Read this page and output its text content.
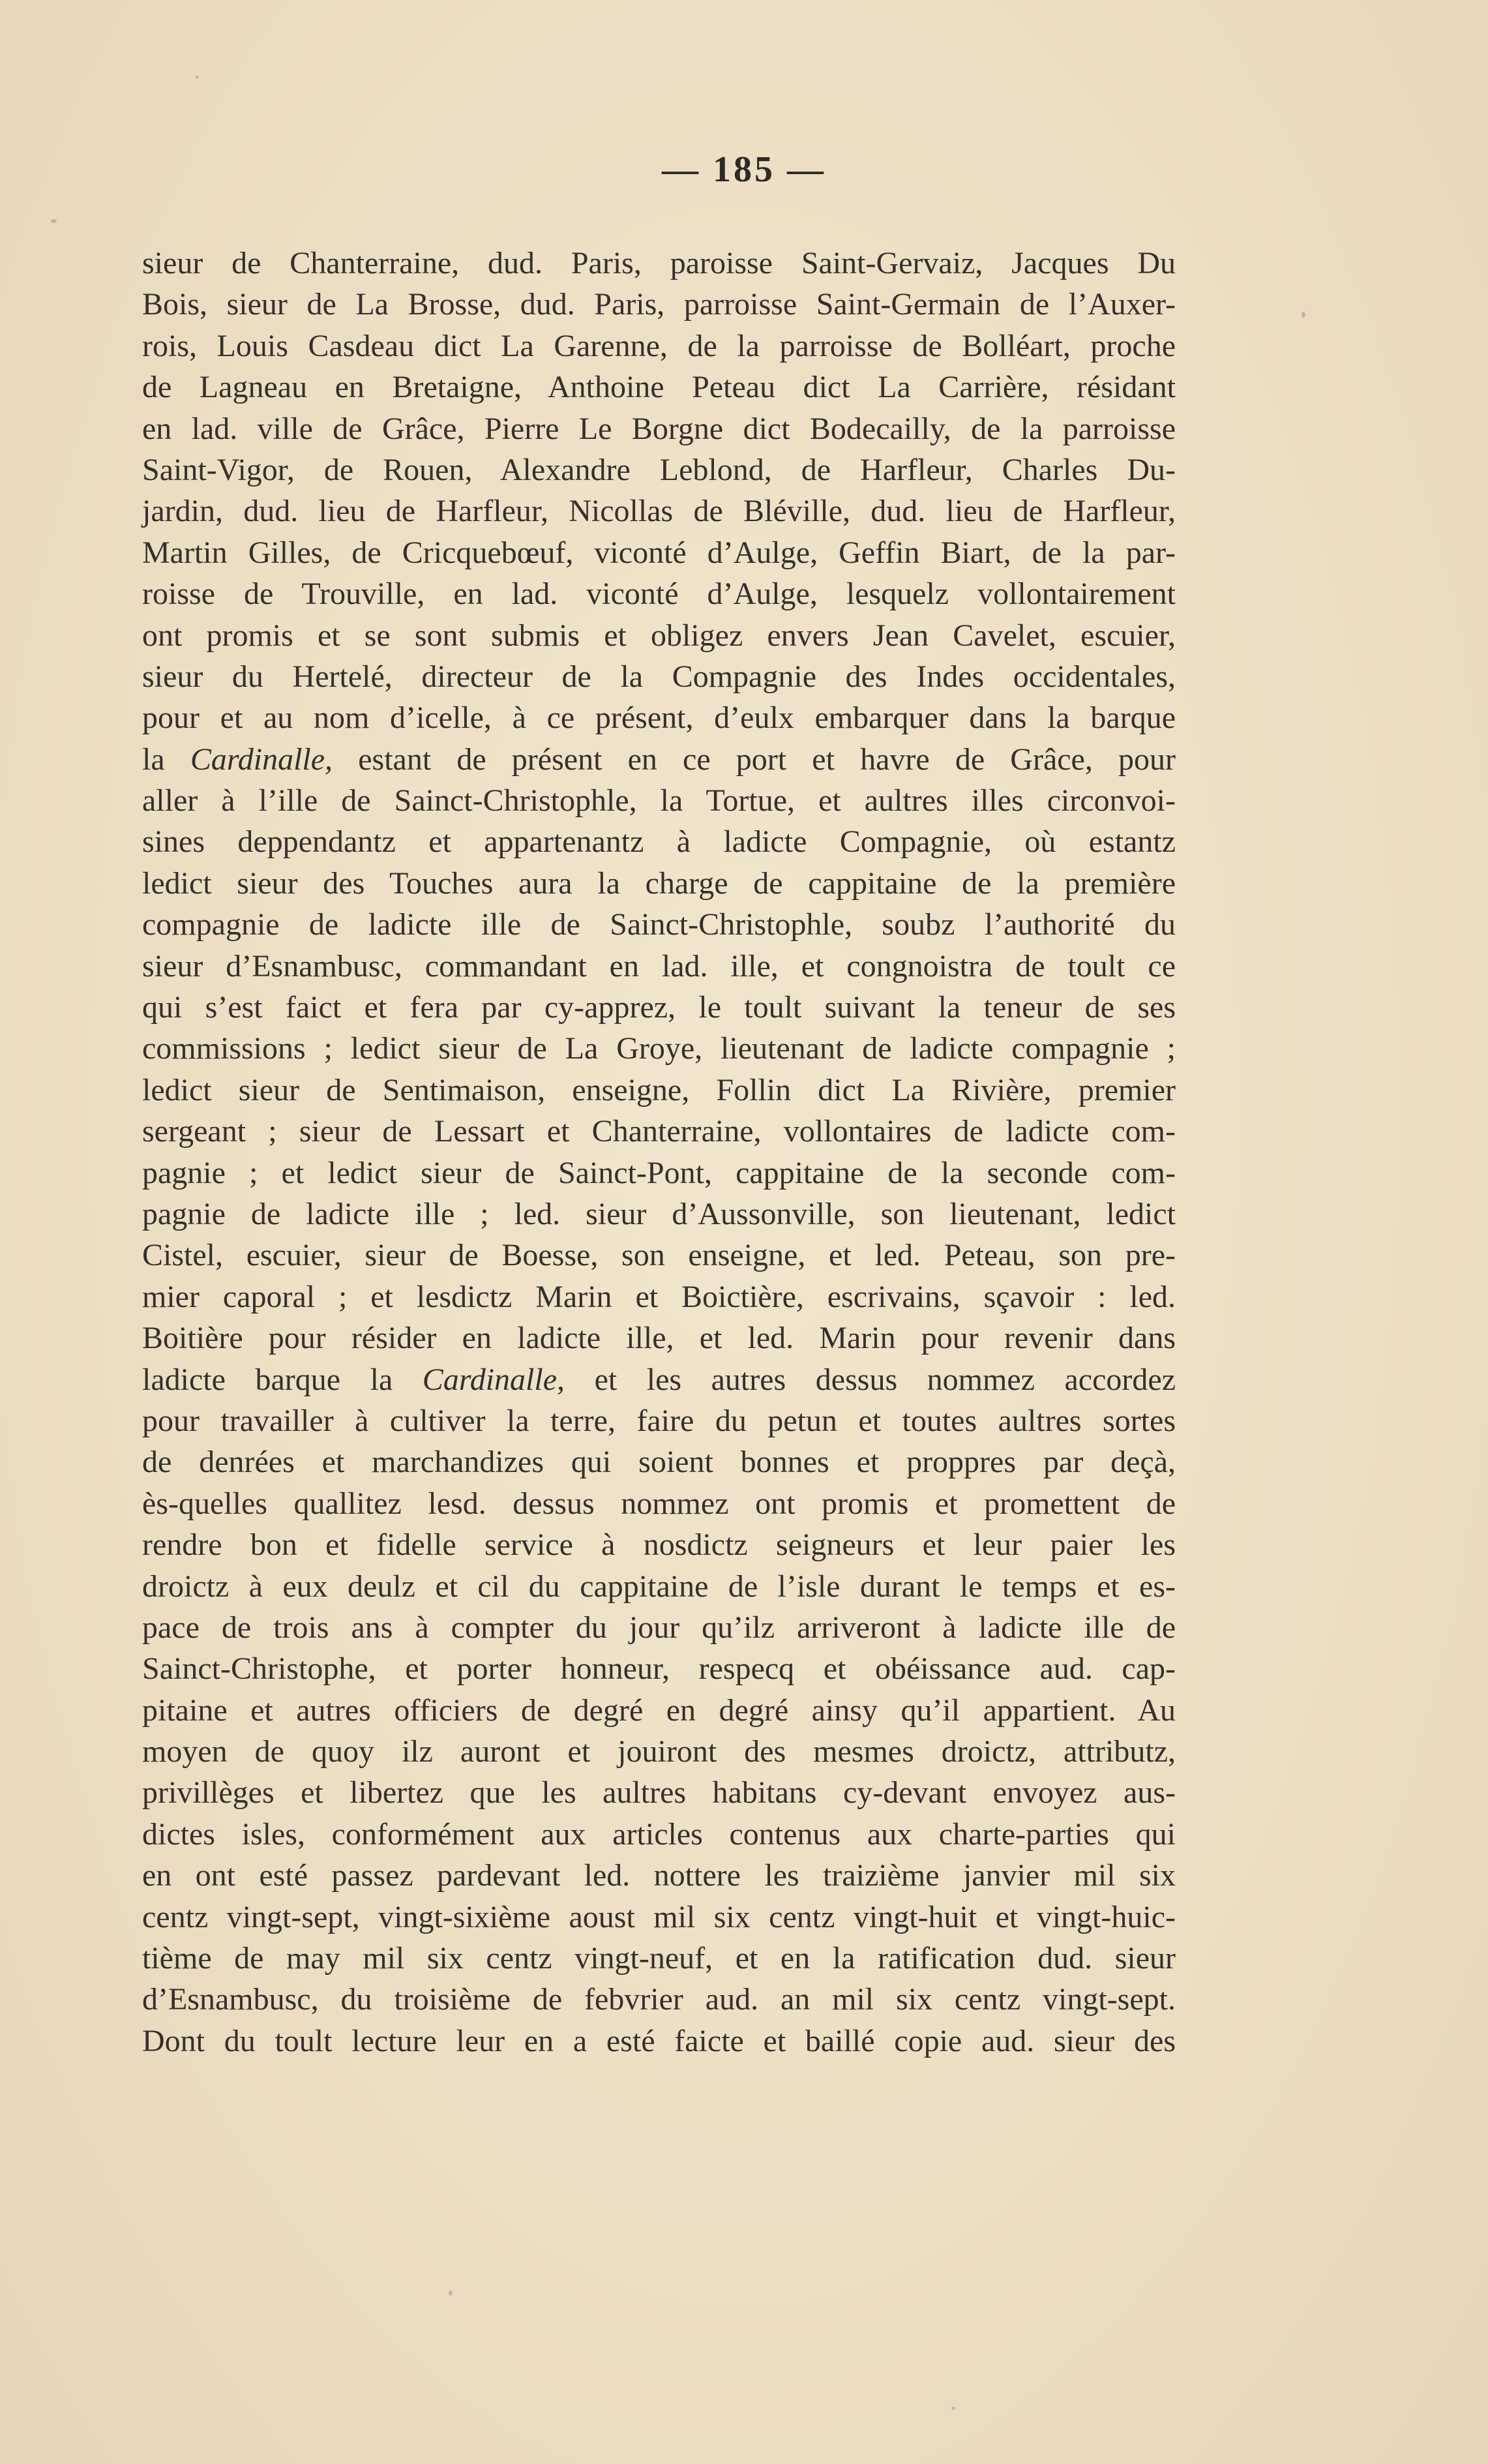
— 185 —
sieur de Chanterraine, dud. Paris, paroisse Saint-Gervaiz, Jacques Du
Bois, sieur de La Brosse, dud. Paris, parroisse Saint-Germain de l’Auxer-
rois, Louis Casdeau dict La Garenne, de la parroisse de Bolléart, proche
de Lagneau en Bretaigne, Anthoine Peteau dict La Carrière, résidant
en lad. ville de Grâce, Pierre Le Borgne dict Bodecailly, de la parroisse
Saint-Vigor, de Rouen, Alexandre Leblond, de Harfleur, Charles Du-
jardin, dud. lieu de Harfleur, Nicollas de Bléville, dud. lieu de Harfleur,
Martin Gilles, de Cricquebœuf, viconté d’Aulge, Geffin Biart, de la par-
roisse de Trouville, en lad. viconté d’Aulge, lesquelz vollontairement
ont promis et se sont submis et obligez envers Jean Cavelet, escuier,
sieur du Hertelé, directeur de la Compagnie des Indes occidentales,
pour et au nom d’icelle, à ce présent, d’eulx embarquer dans la barque
la Cardinalle, estant de présent en ce port et havre de Grâce, pour
aller à l’ille de Sainct-Christophle, la Tortue, et aultres illes circonvoi-
sines deppendantz et appartenantz à ladicte Compagnie, où estantz
ledict sieur des Touches aura la charge de cappitaine de la première
compagnie de ladicte ille de Sainct-Christophle, soubz l’authorité du
sieur d’Esnambusc, commandant en lad. ille, et congnoistra de toult ce
qui s’est faict et fera par cy-apprez, le toult suivant la teneur de ses
commissions ; ledict sieur de La Groye, lieutenant de ladicte compagnie ;
ledict sieur de Sentimaison, enseigne, Follin dict La Rivière, premier
sergeant ; sieur de Lessart et Chanterraine, vollontaires de ladicte com-
pagnie ; et ledict sieur de Sainct-Pont, cappitaine de la seconde com-
pagnie de ladicte ille ; led. sieur d’Aussonville, son lieutenant, ledict
Cistel, escuier, sieur de Boesse, son enseigne, et led. Peteau, son pre-
mier caporal ; et lesdictz Marin et Boictière, escrivains, sçavoir : led.
Boitière pour résider en ladicte ille, et led. Marin pour revenir dans
ladicte barque la Cardinalle, et les autres dessus nommez accordez
pour travailler à cultiver la terre, faire du petun et toutes aultres sortes
de denrées et marchandizes qui soient bonnes et proppres par deçà,
ès-quelles quallitez lesd. dessus nommez ont promis et promettent de
rendre bon et fidelle service à nosdictz seigneurs et leur paier les
droictz à eux deulz et cil du cappitaine de l’isle durant le temps et es-
pace de trois ans à compter du jour qu’ilz arriveront à ladicte ille de
Sainct-Christophe, et porter honneur, respecq et obéissance aud. cap-
pitaine et autres officiers de degré en degré ainsy qu’il appartient. Au
moyen de quoy ilz auront et jouiront des mesmes droictz, attributz,
privillèges et libertez que les aultres habitans cy-devant envoyez aus-
dictes isles, conformément aux articles contenus aux charte-parties qui
en ont esté passez pardevant led. nottere les traizième janvier mil six
centz vingt-sept, vingt-sixième aoust mil six centz vingt-huit et vingt-huic-
tième de may mil six centz vingt-neuf, et en la ratification dud. sieur
d’Esnambusc, du troisième de febvrier aud. an mil six centz vingt-sept.
Dont du toult lecture leur en a esté faicte et baillé copie aud. sieur des
